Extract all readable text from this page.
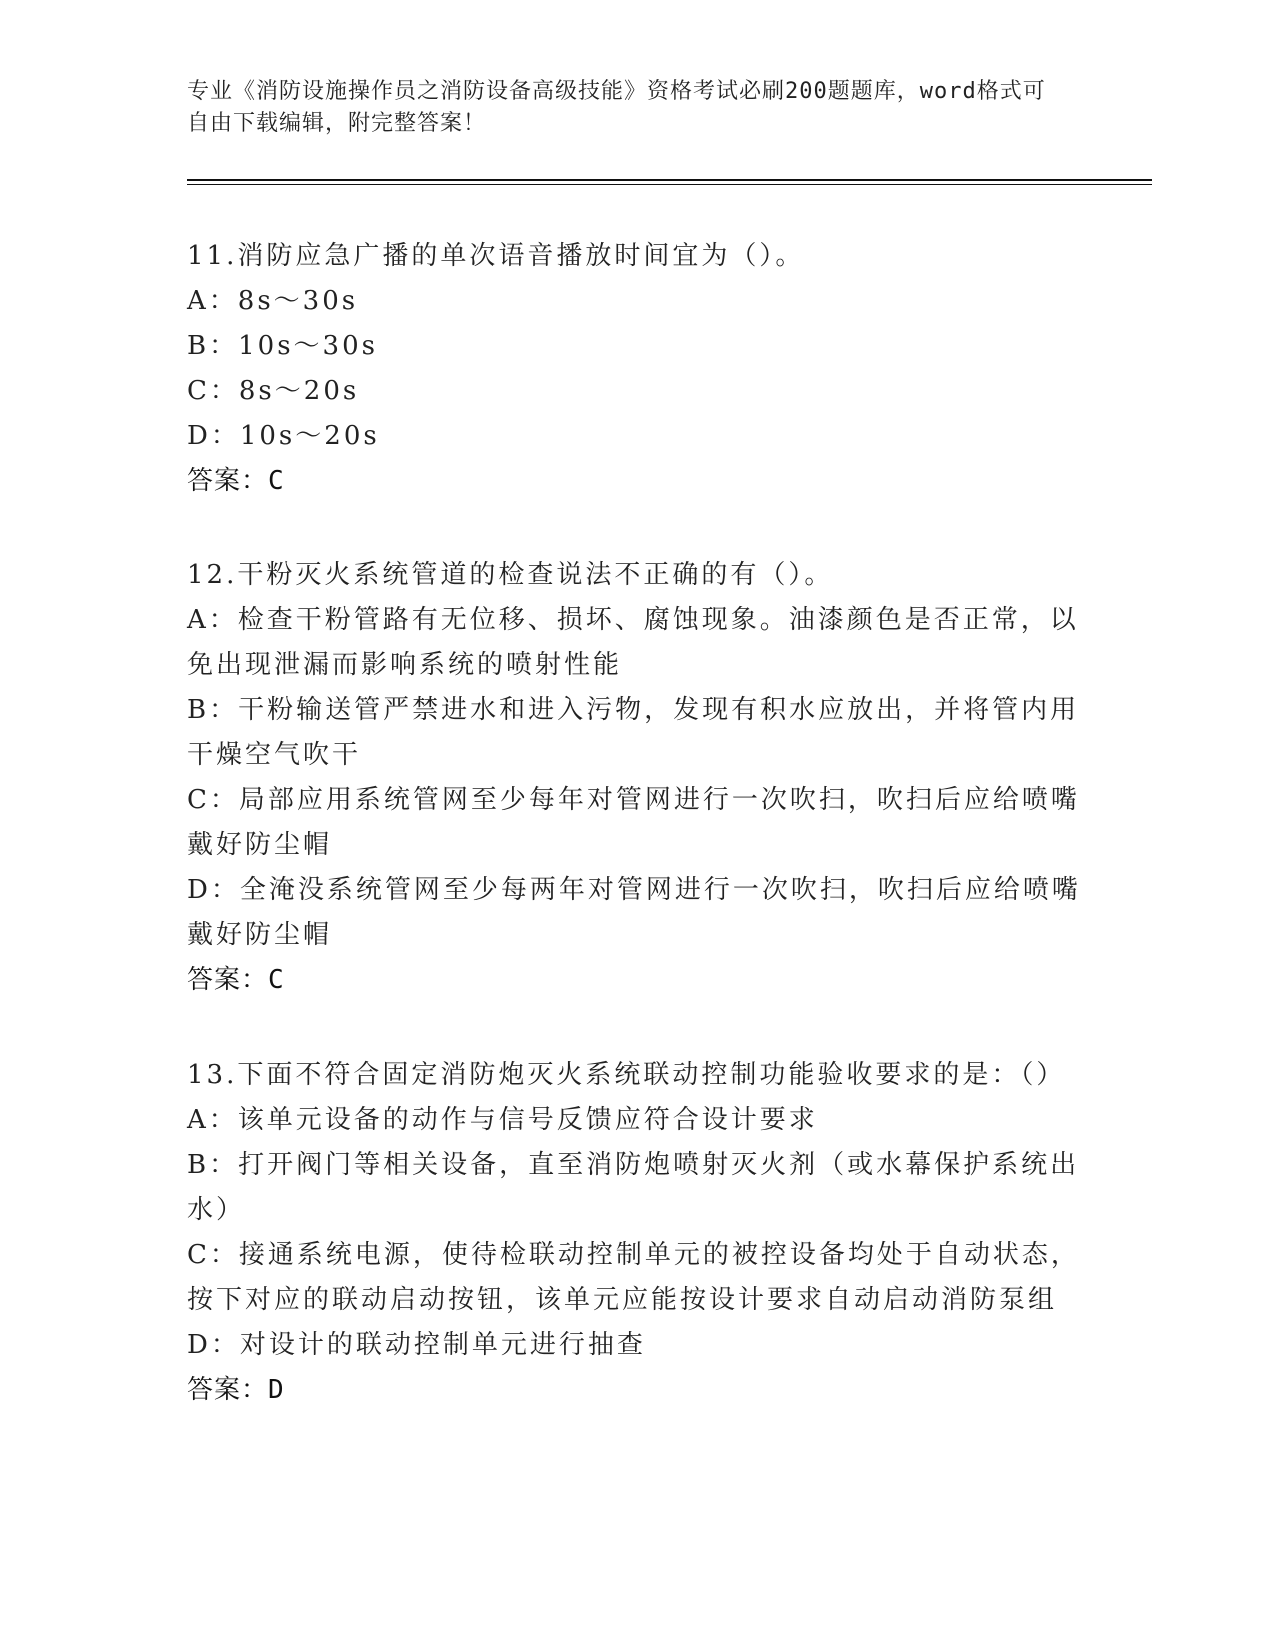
专业《消防设施操作员之消防设备高级技能》资格考试必刷200题题库，word格式可自由下载编辑，附完整答案！

11.消防应急广播的单次语音播放时间宜为（）。

A：8s～30s

B：10s～30s

C：8s～20s

D：10s～20s

答案：C

12.干粉灭火系统管道的检查说法不正确的有（）。

A：检查干粉管路有无位移、损坏、腐蚀现象。油漆颜色是否正常，以免出现泄漏而影响系统的喷射性能

B：干粉输送管严禁进水和进入污物，发现有积水应放出，并将管内用干燥空气吹干

C：局部应用系统管网至少每年对管网进行一次吹扫，吹扫后应给喷嘴戴好防尘帽

D：全淹没系统管网至少每两年对管网进行一次吹扫，吹扫后应给喷嘴戴好防尘帽

答案：C

13.下面不符合固定消防炮灭火系统联动控制功能验收要求的是：（）

A：该单元设备的动作与信号反馈应符合设计要求

B：打开阀门等相关设备，直至消防炮喷射灭火剂（或水幕保护系统出水）

C：接通系统电源，使待检联动控制单元的被控设备均处于自动状态，按下对应的联动启动按钮，该单元应能按设计要求自动启动消防泵组

D：对设计的联动控制单元进行抽查

答案：D
